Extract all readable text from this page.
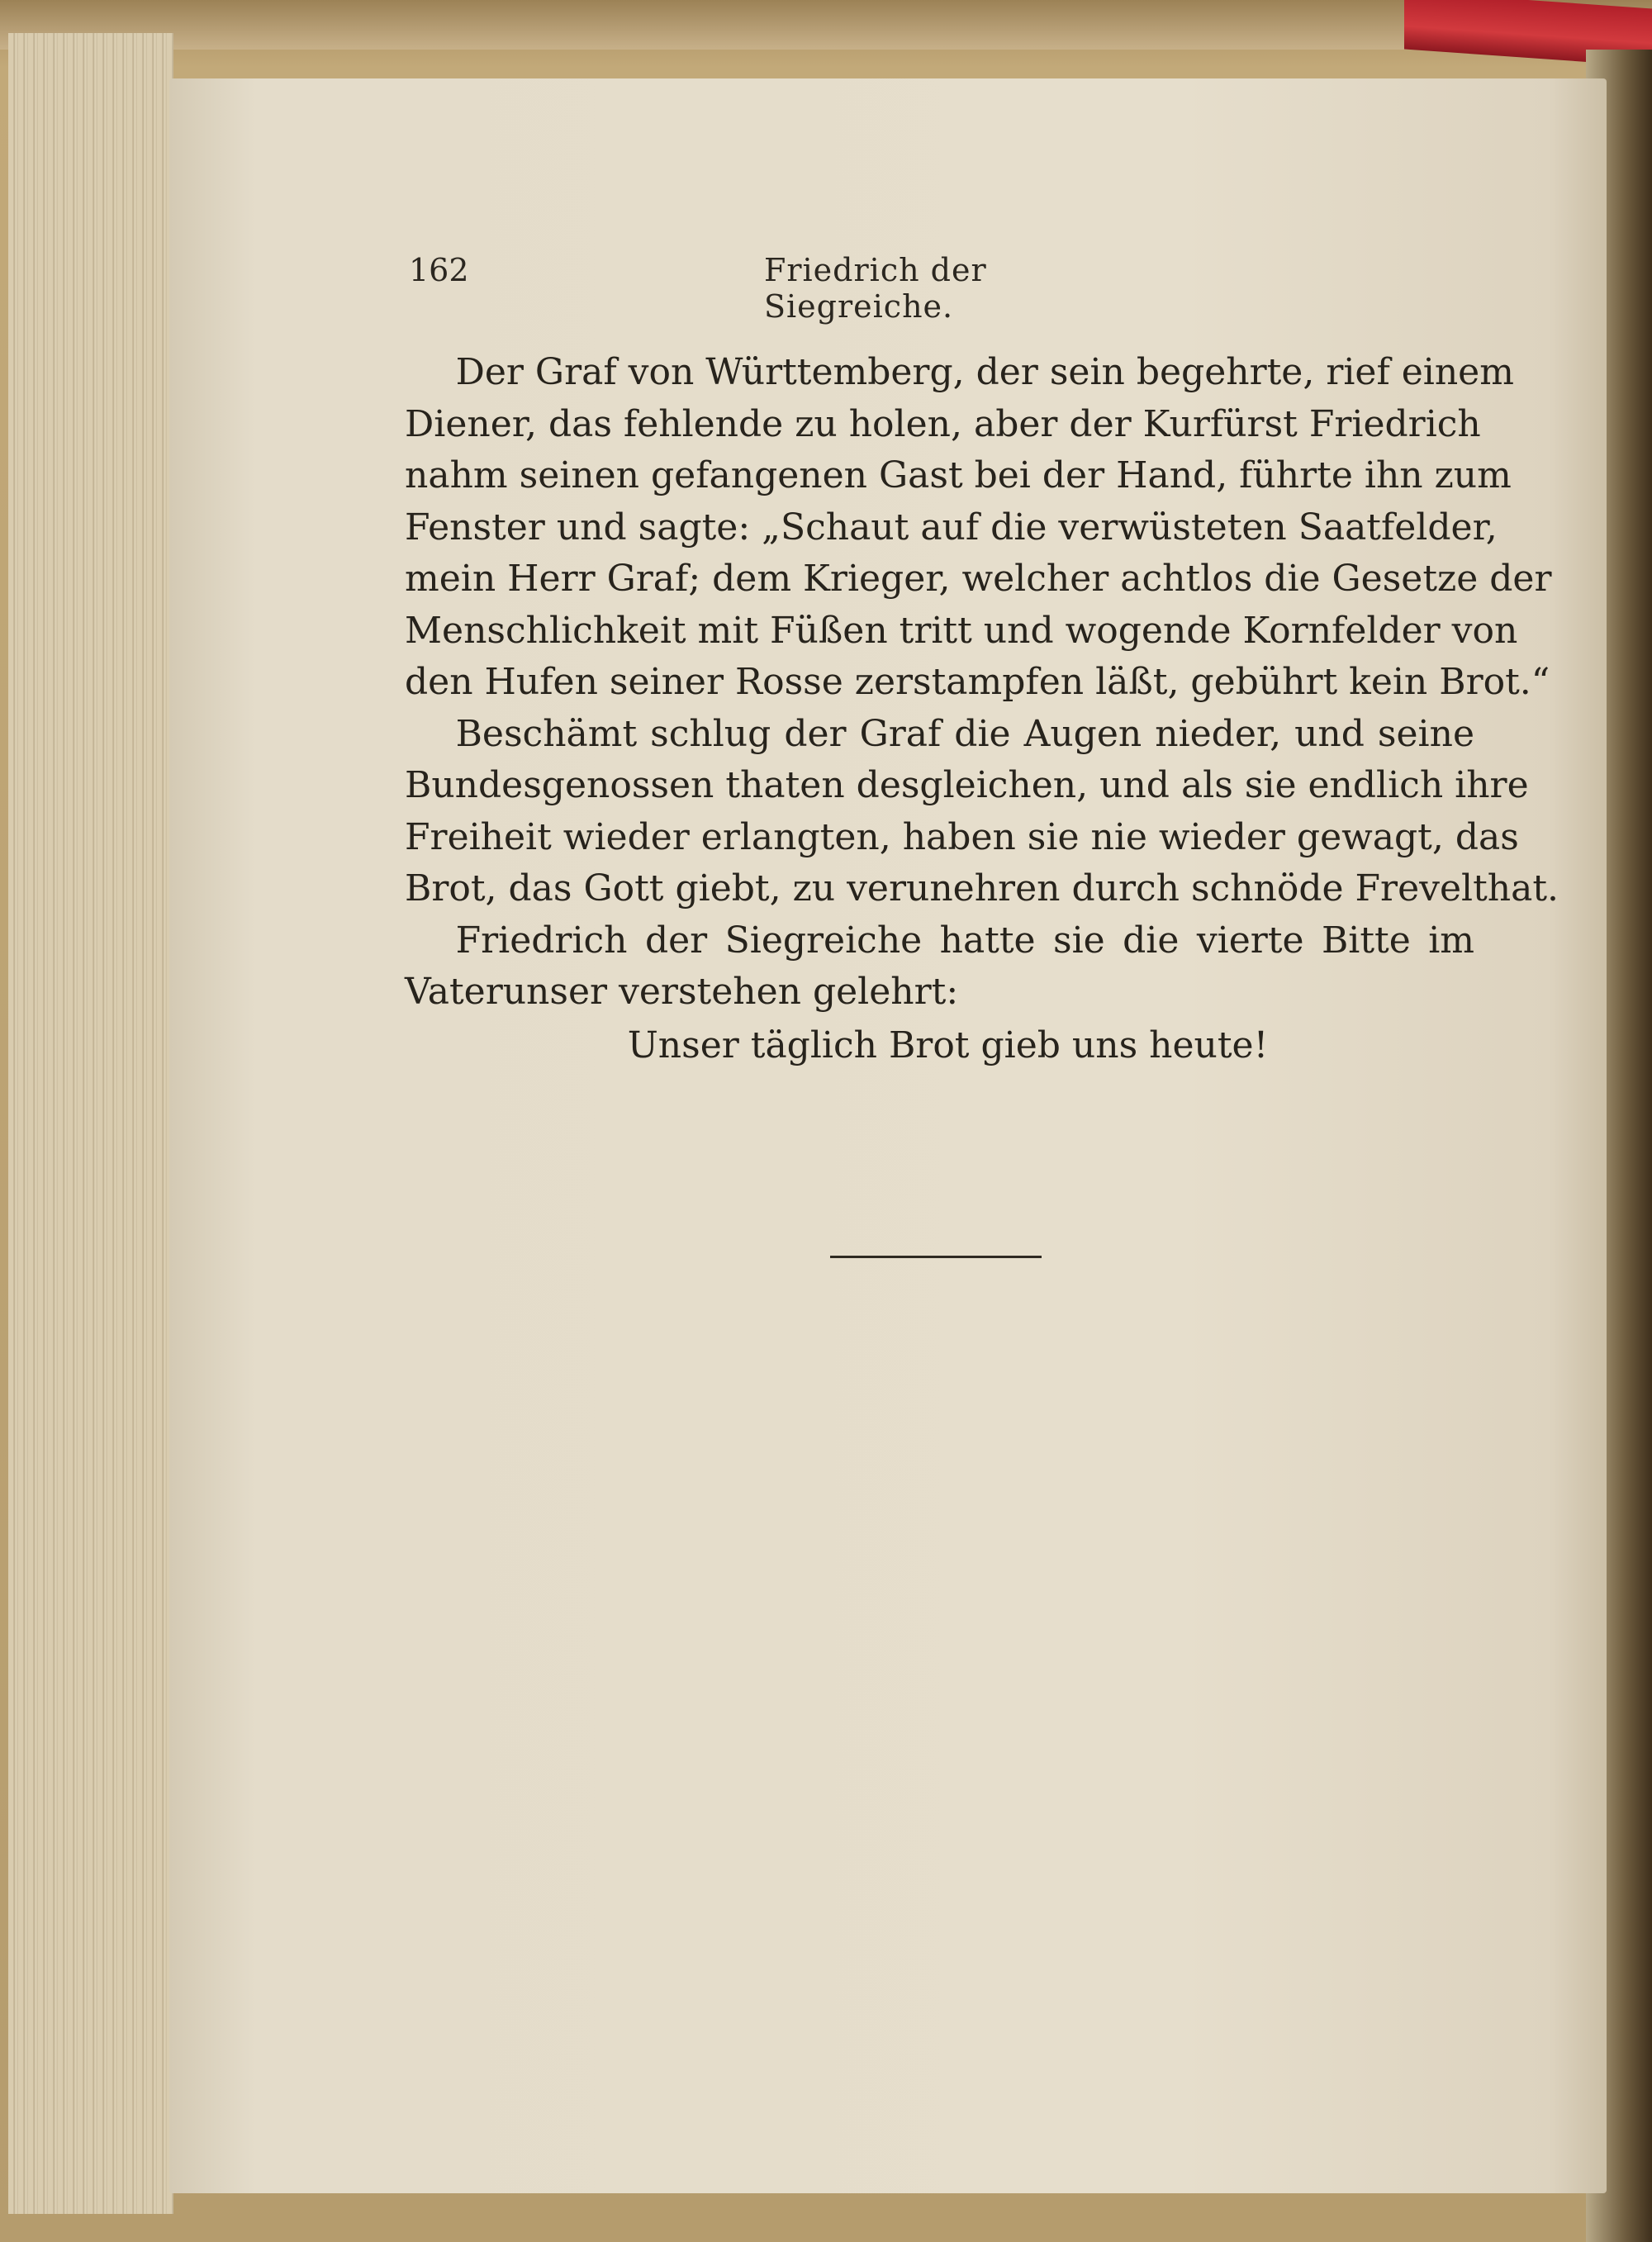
162	Friedrich der Siegreiche.
Der Graf von Württemberg, der sein begehrte, rief einem
Diener, das fehlende zu holen, aber der Kurfürst Friedrich
nahm seinen gefangenen Gast bei der Hand, führte ihn zum
Fenster und sagte: „Schaut auf die verwüsteten Saatfelder,
mein Herr Graf; dem Krieger, welcher achtlos die Gesetze der
Menschlichkeit mit Füßen tritt und wogende Kornfelder von
den Hufen seiner Rosse zerstampfen läßt, gebührt kein Brot.“
Beschämt schlug der Graf die Augen nieder, und seine
Bundesgenossen thaten desgleichen, und als sie endlich ihre
Freiheit wieder erlangten, haben sie nie wieder gewagt, das
Brot, das Gott giebt, zu verunehren durch schnöde Frevelthat.
Friedrich der Siegreiche hatte sie die vierte Bitte im
Vaterunser verstehen gelehrt:
Unser täglich Brot gieb uns heute!
